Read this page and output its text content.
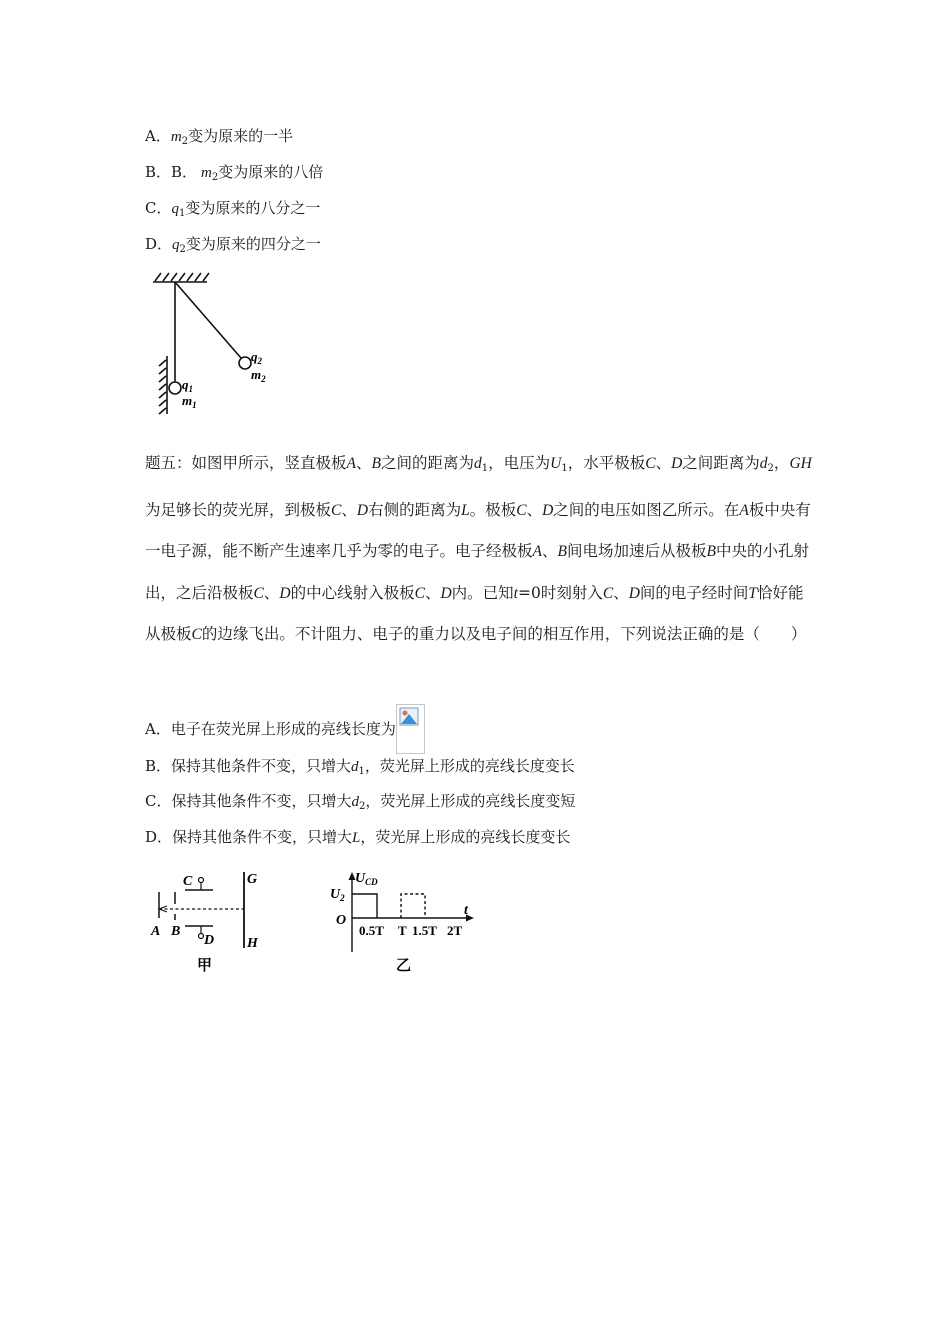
A．$m_2$变为原来的一半
B．B． $m_2$变为原来的八倍
C．$q_1$变为原来的八分之一
D．$q_2$变为原来的四分之一
$q_1$
$m_1$
$q_2$
$m_2$
题五：如图甲所示，竖直极板A、B之间的距离为$d_1$，电压为$U_1$，水平极板C、D之间距离为$d_2$，GH为足够长的荧光屏，到极板C、D右侧的距离为L。极板C、D之间的电压如图乙所示。在A板中央有一电子源，能不断产生速率几乎为零的电子。电子经极板A、B间电场加速后从极板B中央的小孔射出，之后沿极板C、D的中心线射入极板C、D内。已知t=0时刻射入C、D间的电子经时间T恰好能从极板C的边缘飞出。不计阻力、电子的重力以及电子间的相互作用，下列说法正确的是（　　）
A．电子在荧光屏上形成的亮线长度为
B．保持其他条件不变，只增大$d_1$，荧光屏上形成的亮线长度变长
C．保持其他条件不变，只增大$d_2$，荧光屏上形成的亮线长度变短
D．保持其他条件不变，只增大L，荧光屏上形成的亮线长度变长
C
A B
D
G
H
甲
$U_{CD}$
$U_2$
O
t
0.5T T 1.5T 2T
乙
